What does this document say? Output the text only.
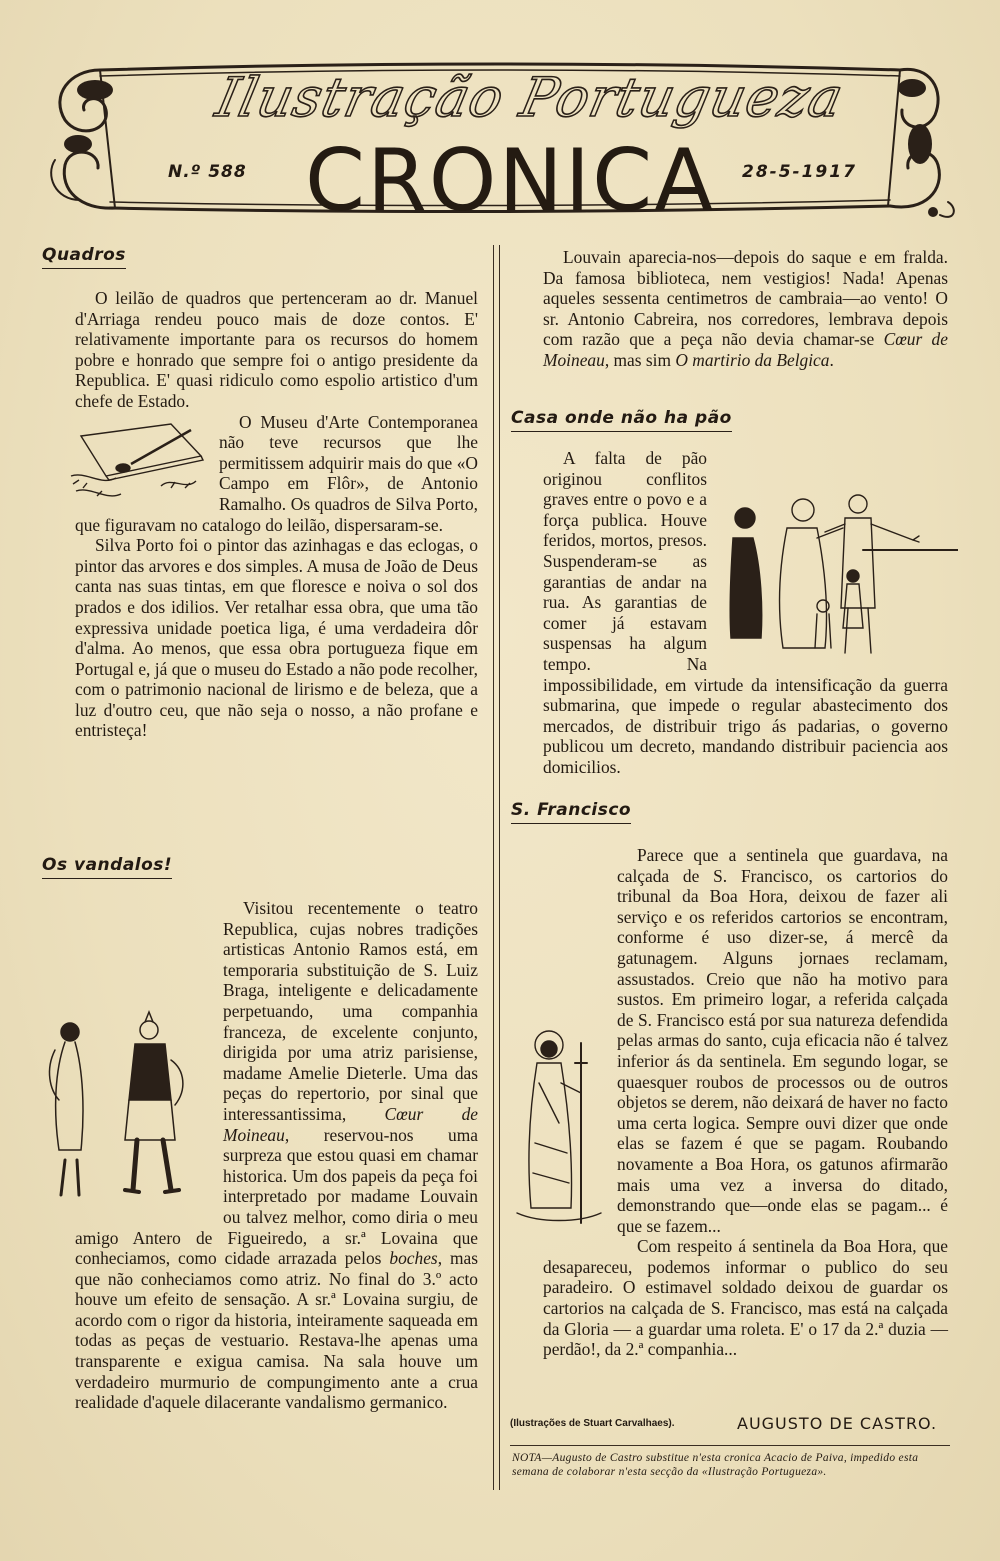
Ilustração Portugueza
N.º 588 CRONICA	28-5-1917
Quadros

O leilão de quadros que pertenceram ao dr. Manuel d'Arriaga rendeu pouco mais de doze contos. E' relativamente importante para os recursos do homem pobre e honrado que sempre foi o antigo presidente da Republica. E' quasi ridiculo como espolio artistico d'um chefe de Estado.

O Museu d'Arte Contemporanea não teve recursos que lhe permitissem adquirir mais do que «O Campo em Flôr», de Antonio Ramalho. Os quadros de Silva Porto, que figuravam no catalogo do leilão, dispersaram-se.

Silva Porto foi o pintor das azinhagas e das eclogas, o pintor das arvores e dos simples. A musa de João de Deus canta nas suas tintas, em que floresce e noiva o sol dos prados e dos idilios. Ver retalhar essa obra, que uma tão expressiva unidade poetica liga, é uma verdadeira dôr d'alma. Ao menos, que essa obra portugueza fique em Portugal e, já que o museu do Estado a não pode recolher, com o patrimonio nacional de lirismo e de beleza, que a luz d'outro ceu, que não seja o nosso, a não profane e entristeça!

Os vandalos!

Visitou recentemente o teatro Republica, cujas nobres tradições artisticas Antonio Ramos está, em temporaria substituição de S. Luiz Braga, inteligente e delicadamente perpetuando, uma companhia franceza, de excelente conjunto, dirigida por uma atriz parisiense, madame Amelie Dieterle. Uma das peças do repertorio, por sinal que interessantissima, Cœur de Moineau, reservou-nos uma surpreza que estou quasi em chamar historica. Um dos papeis da peça foi interpretado por madame Louvain ou talvez melhor, como diria o meu amigo Antero de Figueiredo, a sr.ª Lovaina que conheciamos, como cidade arrazada pelos boches, mas que não conheciamos como atriz. No final do 3.º acto houve um efeito de sensação. A sr.ª Lovaina surgiu, de acordo com o rigor da historia, inteiramente saqueada em todas as peças de vestuario. Restava-lhe apenas uma transparente e exigua camisa. Na sala houve um verdadeiro murmurio de compungimento ante a crua realidade d'aquele dilacerante vandalismo germanico.

Louvain aparecia-nos—depois do saque e em fralda. Da famosa biblioteca, nem vestigios! Nada! Apenas aqueles sessenta centimetros de cambraia—ao vento! O sr. Antonio Cabreira, nos corredores, lembrava depois com razão que a peça não devia chamar-se Cœur de Moineau, mas sim O martirio da Belgica.

Casa onde não ha pão

A falta de pão originou conflitos graves entre o povo e a força publica. Houve feridos, mortos, presos. Suspenderam-se as garantias de andar na rua. As garantias de comer já estavam suspensas ha algum tempo. Na impossibilidade, em virtude da intensificação da guerra submarina, que impede o regular abastecimento dos mercados, de distribuir trigo ás padarias, o governo publicou um decreto, mandando distribuir paciencia aos domicilios.

S. Francisco

Parece que a sentinela que guardava, na calçada de S. Francisco, os cartorios do tribunal da Boa Hora, deixou de fazer ali serviço e os referidos cartorios se encontram, conforme é uso dizer-se, á mercê da gatunagem. Alguns jornaes reclamam, assustados. Creio que não ha motivo para sustos. Em primeiro logar, a referida calçada de S. Francisco está por sua natureza defendida pelas armas do santo, cuja eficacia não é talvez inferior ás da sentinela. Em segundo logar, se quaesquer roubos de processos ou de outros objetos se derem, não deixará de haver no facto uma certa logica. Sempre ouvi dizer que onde elas se fazem é que se pagam. Roubando novamente a Boa Hora, os gatunos afirmarão mais uma vez a inversa do ditado, demonstrando que—onde elas se pagam... é que se fazem...

Com respeito á sentinela da Boa Hora, que desapareceu, podemos informar o publico do seu paradeiro. O estimavel soldado deixou de guardar os cartorios na calçada de S. Francisco, mas está na calçada da Gloria — a guardar uma roleta. E' o 17 da 2.ª duzia — perdão!, da 2.ª companhia...

(Ilustrações de Stuart Carvalhaes).	AUGUSTO DE CASTRO.
NOTA—Augusto de Castro substitue n'esta cronica Acacio de Paiva, impedido esta semana de colaborar n'esta secção da «Ilustração Portugueza».
